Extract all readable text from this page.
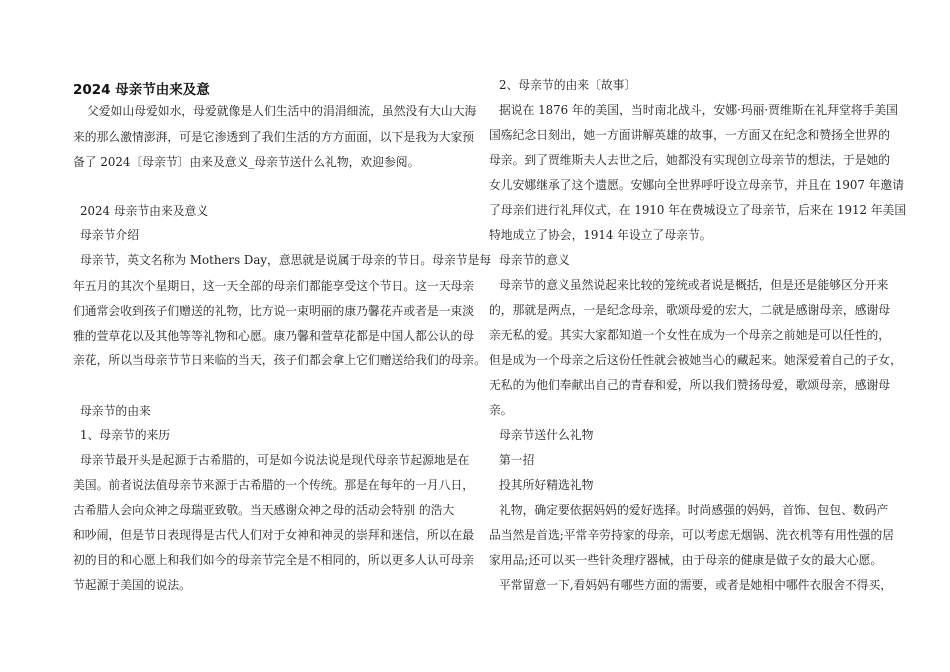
2024 母亲节由来及意
父爱如山母爱如水，母爱就像是人们生活中的涓涓细流，虽然没有大山大海
来的那么激情澎湃，可是它渗透到了我们生活的方方面面，以下是我为大家预
备了 2024〔母亲节〕由来及意义_母亲节送什么礼物，欢迎参阅。
2024 母亲节由来及意义
母亲节介绍
母亲节，英文名称为 Mothers Day，意思就是说属于母亲的节日。母亲节是每
年五月的其次个星期日，这一天全部的母亲们都能享受这个节日。这一天母亲
们通常会收到孩子们赠送的礼物，比方说一束明丽的康乃馨花卉或者是一束淡
雅的萱草花以及其他等等礼物和心愿。康乃馨和萱草花都是中国人都公认的母
亲花，所以当母亲节节日来临的当天，孩子们都会拿上它们赠送给我们的母亲。
母亲节的由来
1、母亲节的来历
母亲节最开头是起源于古希腊的，可是如今说法说是现代母亲节起源地是在
美国。前者说法值母亲节来源于古希腊的一个传统。那是在每年的一月八日，
古希腊人会向众神之母瑞亚致敬。当天感谢众神之母的活动会特别 的浩大
和吵闹，但是节日表现得是古代人们对于女神和神灵的崇拜和迷信，所以在最
初的目的和心愿上和我们如今的母亲节完全是不相同的，所以更多人认可母亲
节起源于美国的说法。
2、母亲节的由来〔故事〕
据说在 1876 年的美国，当时南北战斗，安娜·玛丽·贾维斯在礼拜堂将手美国
国殇纪念日刻出，她一方面讲解英雄的故事，一方面又在纪念和赞扬全世界的
母亲。到了贾维斯夫人去世之后，她都没有实现创立母亲节的想法，于是她的
女儿安娜继承了这个遗愿。安娜向全世界呼吁设立母亲节，并且在 1907 年邀请
了母亲们进行礼拜仪式，在 1910 年在费城设立了母亲节，后来在 1912 年美国
特地成立了协会，1914 年设立了母亲节。
母亲节的意义
母亲节的意义虽然说起来比较的笼统或者说是概括，但是还是能够区分开来
的，那就是两点，一是纪念母亲，歌颂母爱的宏大，二就是感谢母亲，感谢母
亲无私的爱。其实大家都知道一个女性在成为一个母亲之前她是可以任性的，
但是成为一个母亲之后这份任性就会被她当心的藏起来。她深爱着自己的子女，
无私的为他们奉献出自己的青春和爱，所以我们赞扬母爱，歌颂母亲，感谢母
亲。
母亲节送什么礼物
第一招
投其所好精选礼物
礼物，确定要依据妈妈的爱好选择。时尚感强的妈妈，首饰、包包、数码产
品当然是首选;平常辛劳持家的母亲，可以考虑无烟锅、洗衣机等有用性强的居
家用品;还可以买一些针灸理疗器械，由于母亲的健康是做子女的最大心愿。
平常留意一下,看妈妈有哪些方面的需要，或者是她相中哪件衣服舍不得买，
